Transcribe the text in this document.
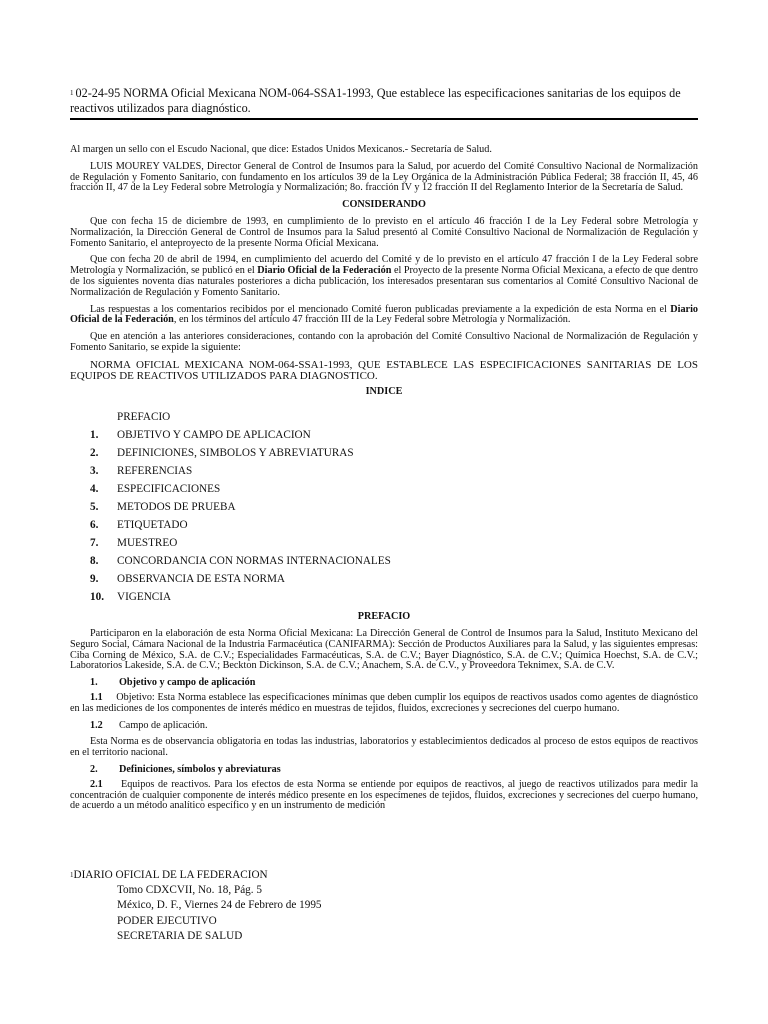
$^1$ 02-24-95 NORMA Oficial Mexicana NOM-064-SSA1-1993, Que establece las especificaciones sanitarias de los equipos de reactivos utilizados para diagnóstico.

Al margen un sello con el Escudo Nacional, que dice: Estados Unidos Mexicanos.- Secretaría de Salud.

LUIS MOUREY VALDES, Director General de Control de Insumos para la Salud, por acuerdo del Comité Consultivo Nacional de Normalización de Regulación y Fomento Sanitario, con fundamento en los artículos 39 de la Ley Orgánica de la Administración Pública Federal; 38 fracción II, 45, 46 fracción II, 47 de la Ley Federal sobre Metrología y Normalización; 8o. fracción IV y 12 fracción II del Reglamento Interior de la Secretaría de Salud.

CONSIDERANDO

Que con fecha 15 de diciembre de 1993, en cumplimiento de lo previsto en el artículo 46 fracción I de la Ley Federal sobre Metrología y Normalización, la Dirección General de Control de Insumos para la Salud presentó al Comité Consultivo Nacional de Normalización de Regulación y Fomento Sanitario, el anteproyecto de la presente Norma Oficial Mexicana.

Que con fecha 20 de abril de 1994, en cumplimiento del acuerdo del Comité y de lo previsto en el artículo 47 fracción I de la Ley Federal sobre Metrología y Normalización, se publicó en el Diario Oficial de la Federación el Proyecto de la presente Norma Oficial Mexicana, a efecto de que dentro de los siguientes noventa días naturales posteriores a dicha publicación, los interesados presentaran sus comentarios al Comité Consultivo Nacional de Normalización de Regulación y Fomento Sanitario.

Las respuestas a los comentarios recibidos por el mencionado Comité fueron publicadas previamente a la expedición de esta Norma en el Diario Oficial de la Federación, en los términos del artículo 47 fracción III de la Ley Federal sobre Metrología y Normalización.

Que en atención a las anteriores consideraciones, contando con la aprobación del Comité Consultivo Nacional de Normalización de Regulación y Fomento Sanitario, se expide la siguiente:

NORMA OFICIAL MEXICANA NOM-064-SSA1-1993, QUE ESTABLECE LAS ESPECIFICACIONES SANITARIAS DE LOS EQUIPOS DE REACTIVOS UTILIZADOS PARA DIAGNOSTICO.

INDICE
PREFACIO
1.	OBJETIVO Y CAMPO DE APLICACION
2.	DEFINICIONES, SIMBOLOS Y ABREVIATURAS
3.	REFERENCIAS
4.	ESPECIFICACIONES
5.	METODOS DE PRUEBA
6.	ETIQUETADO
7.	MUESTREO
8.	CONCORDANCIA CON NORMAS INTERNACIONALES
9.	OBSERVANCIA DE ESTA NORMA
10.	VIGENCIA
PREFACIO

Participaron en la elaboración de esta Norma Oficial Mexicana: La Dirección General de Control de Insumos para la Salud, Instituto Mexicano del Seguro Social, Cámara Nacional de la Industria Farmacéutica (CANIFARMA): Sección de Productos Auxiliares para la Salud, y las siguientes empresas: Ciba Corning de México, S.A. de C.V.; Especialidades Farmacéuticas, S.A. de C.V.; Bayer Diagnóstico, S.A. de C.V.; Química Hoechst, S.A. de C.V.; Laboratorios Lakeside, S.A. de C.V.; Beckton Dickinson, S.A. de C.V.; Anachem, S.A. de C.V., y Proveedora Teknimex, S.A. de C.V.

1.	Objetivo y campo de aplicación

1.1 Objetivo: Esta Norma establece las especificaciones mínimas que deben cumplir los equipos de reactivos usados como agentes de diagnóstico en las mediciones de los componentes de interés médico en muestras de tejidos, fluidos, excreciones y secreciones del cuerpo humano.

1.2	Campo de aplicación.

Esta Norma es de observancia obligatoria en todas las industrias, laboratorios y establecimientos dedicados al proceso de estos equipos de reactivos en el territorio nacional.

2.	Definiciones, símbolos y abreviaturas

2.1 Equipos de reactivos. Para los efectos de esta Norma se entiende por equipos de reactivos, al juego de reactivos utilizados para medir la concentración de cualquier componente de interés médico presente en los especímenes de tejidos, fluidos, excreciones y secreciones del cuerpo humano, de acuerdo a un método analítico específico y en un instrumento de medición

$^1$DIARIO OFICIAL DE LA FEDERACION
Tomo CDXCVII, No. 18, Pág. 5
México, D. F., Viernes 24 de Febrero de 1995
PODER EJECUTIVO
SECRETARIA DE SALUD
